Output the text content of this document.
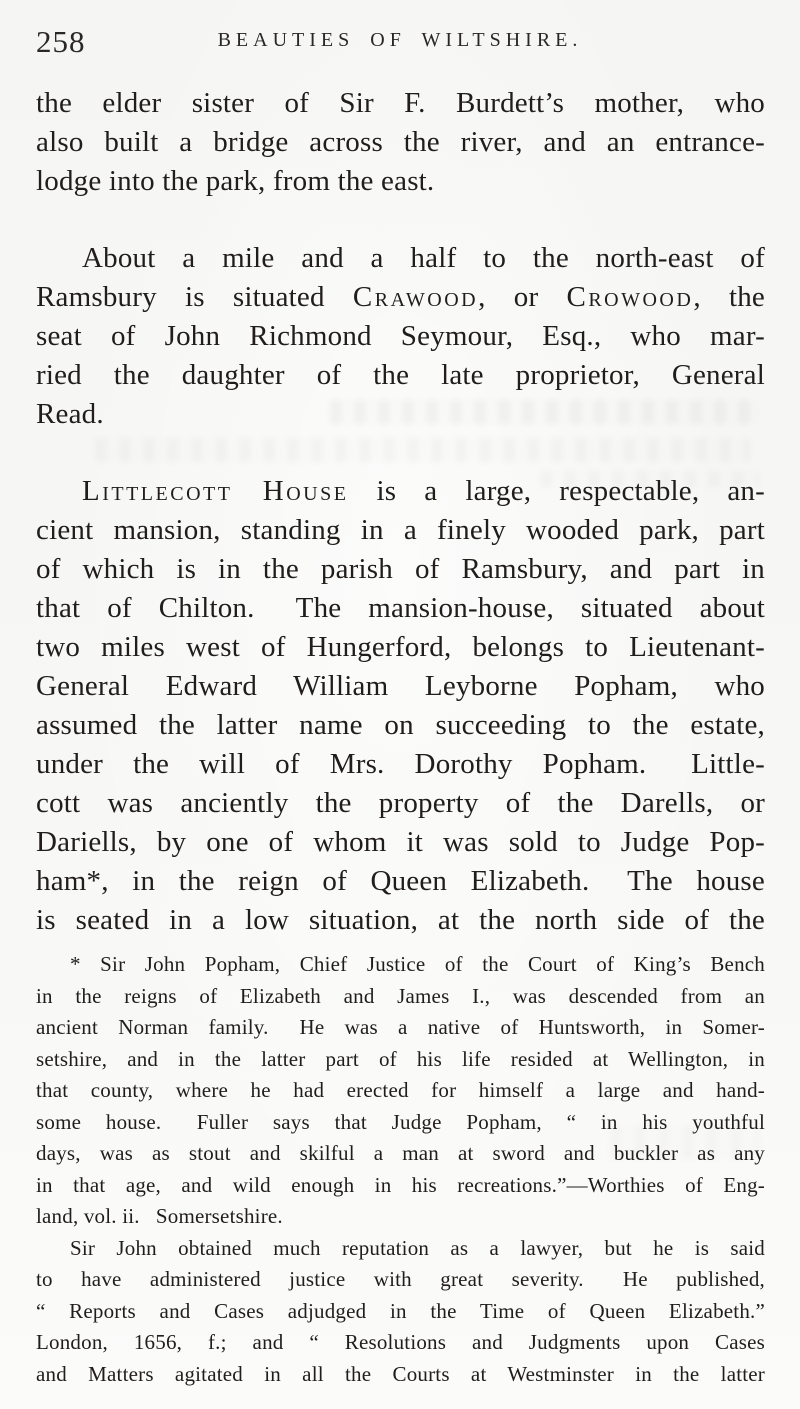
258	BEAUTIES OF WILTSHIRE.
the elder sister of Sir F. Burdett’s mother, who
also built a bridge across the river, and an entrance-
lodge into the park, from the east.
About a mile and a half to the north-east of
Ramsbury is situated Crawood, or Crowood, the
seat of John Richmond Seymour, Esq., who mar-
ried the daughter of the late proprietor, General
Read.
Littlecott House is a large, respectable, an-
cient mansion, standing in a finely wooded park, part
of which is in the parish of Ramsbury, and part in
that of Chilton.  The mansion-house, situated about
two miles west of Hungerford, belongs to Lieutenant-
General Edward William Leyborne Popham, who
assumed the latter name on succeeding to the estate,
under the will of Mrs. Dorothy Popham.  Little-
cott was anciently the property of the Darells, or
Dariells, by one of whom it was sold to Judge Pop-
ham*, in the reign of Queen Elizabeth.  The house
is seated in a low situation, at the north side of the
* Sir John Popham, Chief Justice of the Court of King’s Bench
in the reigns of Elizabeth and James I., was descended from an
ancient Norman family.  He was a native of Huntsworth, in Somer-
setshire, and in the latter part of his life resided at Wellington, in
that county, where he had erected for himself a large and hand-
some house.  Fuller says that Judge Popham, “ in his youthful
days, was as stout and skilful a man at sword and buckler as any
in that age, and wild enough in his recreations.”—Worthies of Eng-
land, vol. ii.  Somersetshire.
Sir John obtained much reputation as a lawyer, but he is said
to have administered justice with great severity.  He published,
“ Reports and Cases adjudged in the Time of Queen Elizabeth.”
London, 1656, f.; and “ Resolutions and Judgments upon Cases
and Matters agitated in all the Courts at Westminster in the latter
